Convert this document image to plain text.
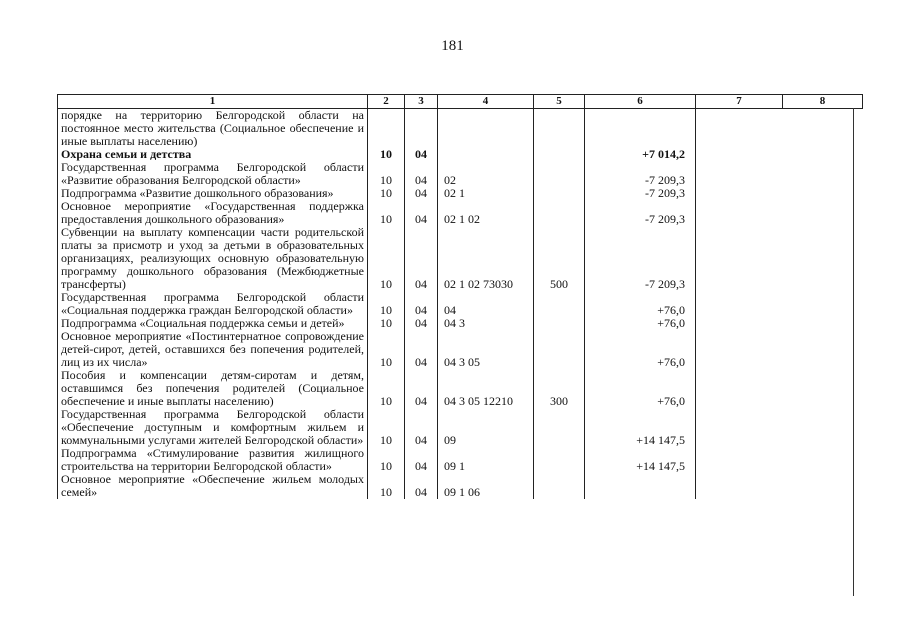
181
1	2	3	4	5	6	7	8
порядке на территорию Белгородской области на постоянное место жительства (Социальное обеспечение и иные выплаты населению)							
Охрана семьи и детства	10	04			+7 014,2		
Государственная программа Белгородской области «Развитие образования Белгородской области»	10	04	02		-7 209,3		
Подпрограмма «Развитие дошкольного образования»	10	04	02 1		-7 209,3		
Основное мероприятие «Государственная поддержка предоставления дошкольного образования»	10	04	02 1 02		-7 209,3		
Субвенции на выплату компенсации части родительской платы за присмотр и уход за детьми в образовательных организациях, реализующих основную образовательную программу дошкольного образования (Межбюджетные трансферты)	10	04	02 1 02 73030	500	-7 209,3		
Государственная программа Белгородской области «Социальная поддержка граждан Белгородской области»	10	04	04		+76,0		
Подпрограмма «Социальная поддержка семьи и детей»	10	04	04 3		+76,0		
Основное мероприятие «Постинтернатное сопровождение детей-сирот, детей, оставшихся без попечения родителей, лиц из их числа»	10	04	04 3 05		+76,0		
Пособия и компенсации детям-сиротам и детям, оставшимся без попечения родителей (Социальное обеспечение и иные выплаты населению)	10	04	04 3 05 12210	300	+76,0		
Государственная программа Белгородской области «Обеспечение доступным и комфортным жильем и коммунальными услугами жителей Белгородской области»	10	04	09		+14 147,5		
Подпрограмма «Стимулирование развития жилищного строительства на территории Белгородской области»	10	04	09 1		+14 147,5		
Основное мероприятие «Обеспечение жильем молодых семей»	10	04	09 1 06				
